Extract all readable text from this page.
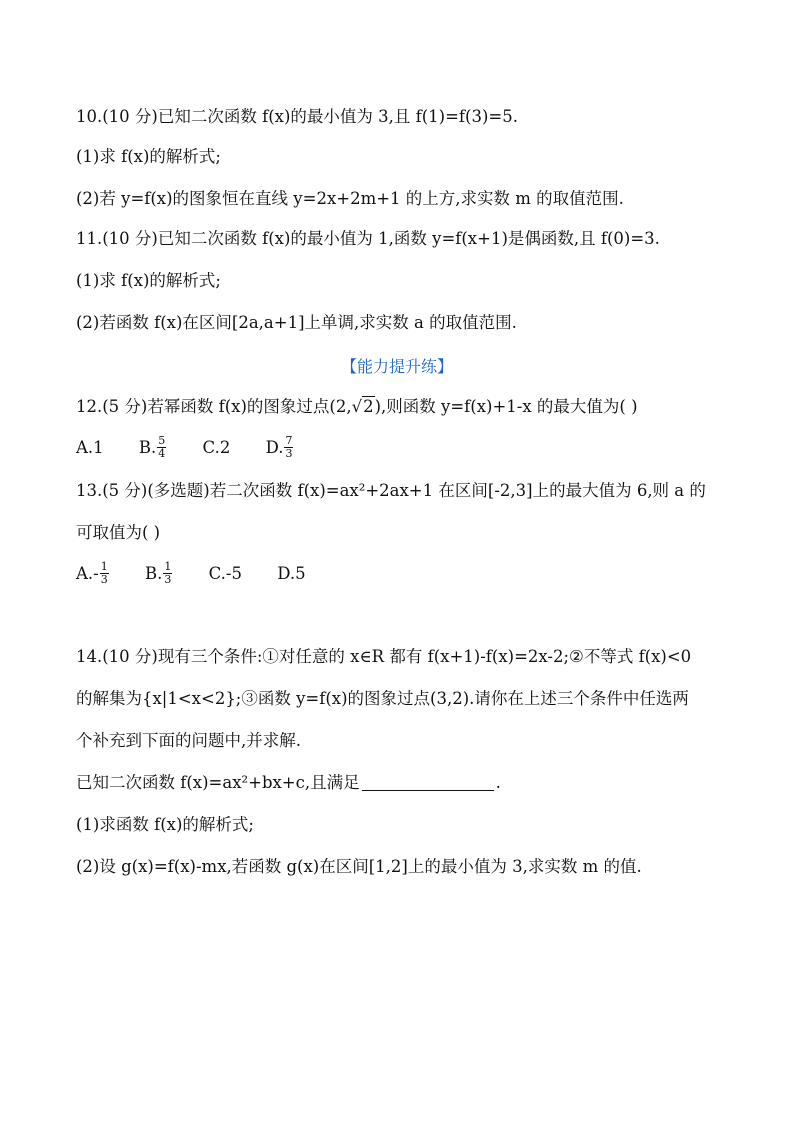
10.(10 分)已知二次函数 f(x)的最小值为 3,且 f(1)=f(3)=5.
(1)求 f(x)的解析式;
(2)若 y=f(x)的图象恒在直线 y=2x+2m+1 的上方,求实数 m 的取值范围.
11.(10 分)已知二次函数 f(x)的最小值为 1,函数 y=f(x+1)是偶函数,且 f(0)=3.
(1)求 f(x)的解析式;
(2)若函数 f(x)在区间[2a,a+1]上单调,求实数 a 的取值范围.
【能力提升练】
12.(5 分)若幂函数 f(x)的图象过点(2,√2),则函数 y=f(x)+1-x 的最大值为( )
A.1 B. $\frac{5}{4} C.2$ D. $\frac{7}{3}$
13.(5 分)(多选题)若二次函数 f(x)=ax²+2ax+1 在区间[-2,3]上的最大值为 6,则 a 的
可取值为( )
$A.- \frac{1}{3} B$. $\frac{1}{3} C.-5$ D.5
14.(10 分)现有三个条件:①对任意的 x∈R 都有 f(x+1)-f(x)=2x-2;②不等式 f(x)<0
的解集为{x|1<x<2};③函数 y=f(x)的图象过点(3,2).请你在上述三个条件中任选两
个补充到下面的问题中,并求解.
已知二次函数 f(x)=ax²+bx+c,且满足	.
(1)求函数 f(x)的解析式;
(2)设 g(x)=f(x)-mx,若函数 g(x)在区间[1,2]上的最小值为 3,求实数 m 的值.
